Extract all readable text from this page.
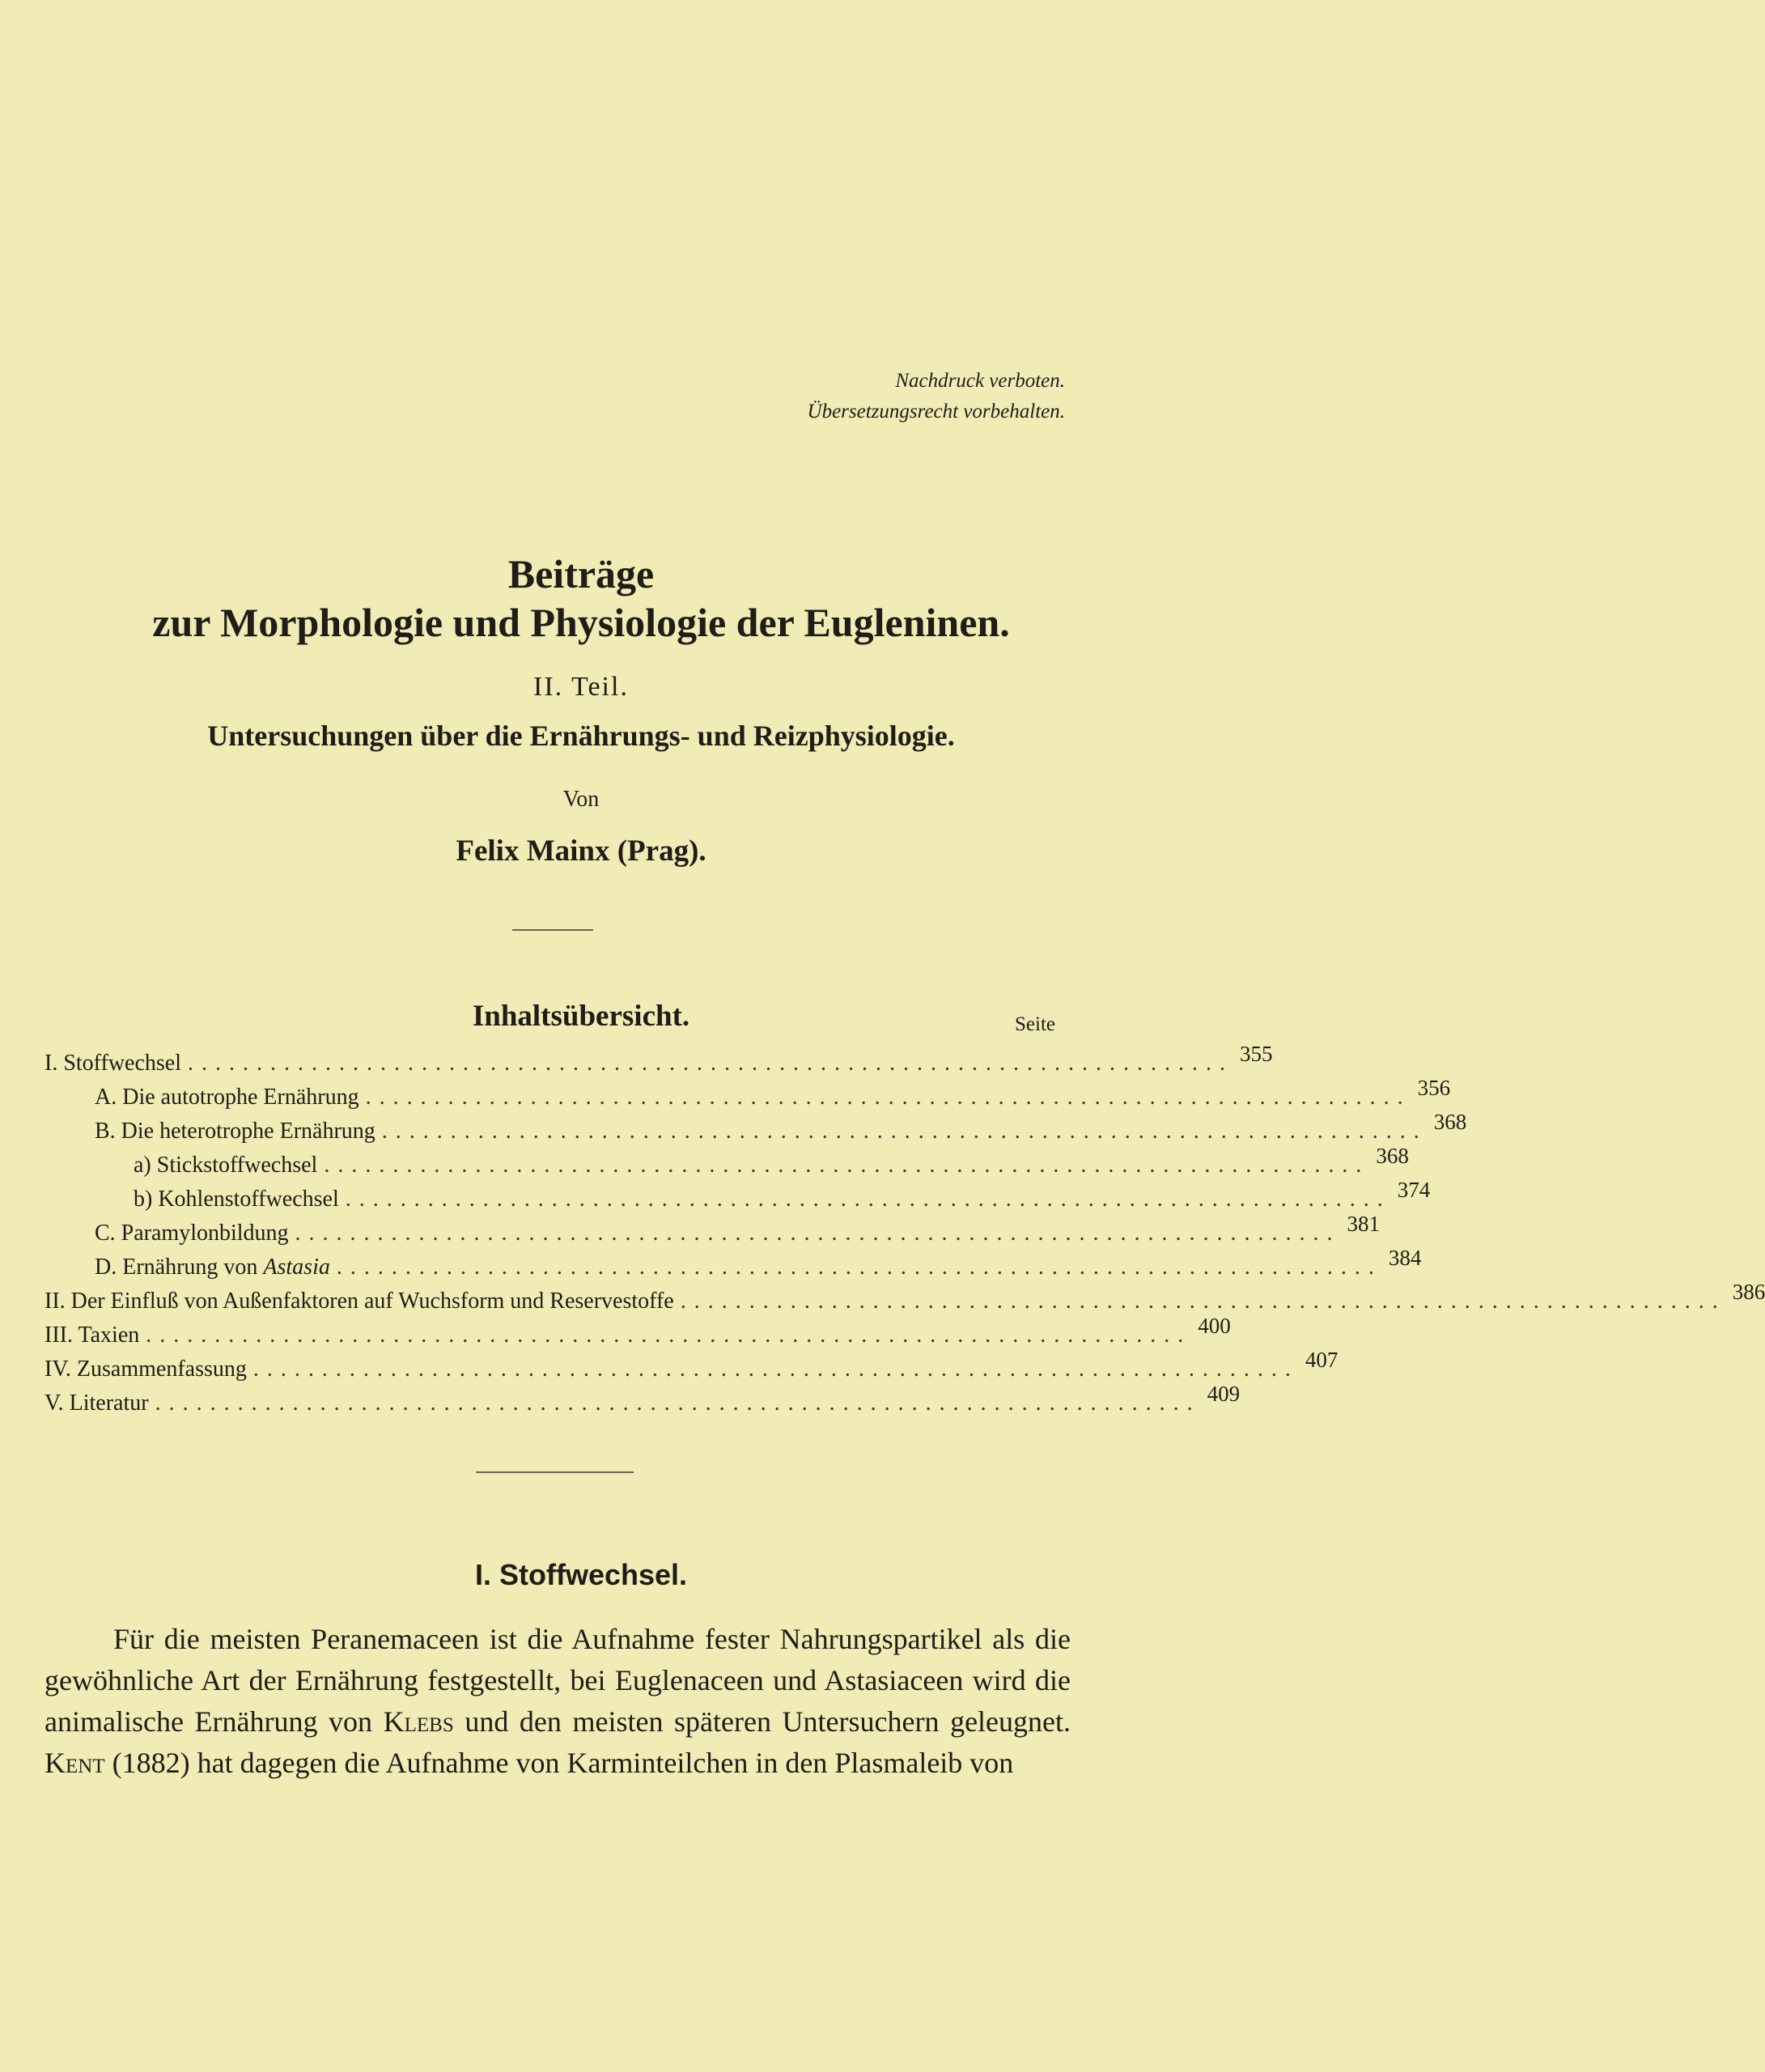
Nachdruck verboten.
Übersetzungsrecht vorbehalten.
Beiträge
zur Morphologie und Physiologie der Eugleninen.
II. Teil.
Untersuchungen über die Ernährungs- und Reizphysiologie.
Von
Felix Mainx (Prag).
Inhaltsübersicht.	Seite
I. Stoffwechsel ............................................................................ 355
A. Die autotrophe Ernährung ............................................................................ 356
B. Die heterotrophe Ernährung ............................................................................ 368
a) Stickstoffwechsel ............................................................................ 368
b) Kohlenstoffwechsel ............................................................................ 374
C. Paramylonbildung ............................................................................ 381
D. Ernährung von Astasia ............................................................................ 384
II. Der Einfluß von Außenfaktoren auf Wuchsform und Reservestoffe ............................................................................ 386
III. Taxien ............................................................................ 400
IV. Zusammenfassung ............................................................................ 407
V. Literatur ............................................................................ 409
I. Stoffwechsel.

Für die meisten Peranemaceen ist die Aufnahme fester Nahrungspartikel als die gewöhnliche Art der Ernährung festgestellt, bei Euglenaceen und Astasiaceen wird die animalische Ernährung von Klebs und den meisten späteren Untersuchern geleugnet. Kent (1882) hat dagegen die Aufnahme von Karminteilchen in den Plasmaleib von
